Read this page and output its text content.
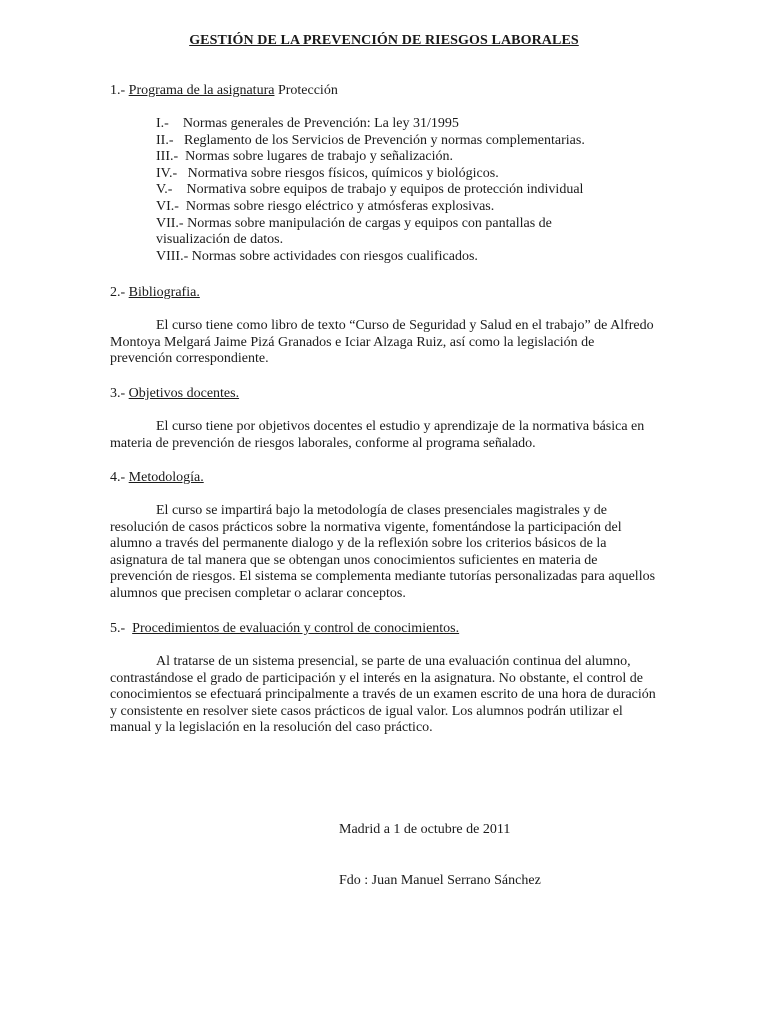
GESTIÓN DE LA PREVENCIÓN DE RIESGOS LABORALES
1.- Programa de la asignatura Protección
I.-    Normas generales de Prevención: La ley 31/1995
II.-   Reglamento de los Servicios de Prevención y normas complementarias.
III.-  Normas sobre lugares de trabajo y señalización.
IV.-   Normativa sobre riesgos físicos, químicos y biológicos.
V.-    Normativa sobre equipos de trabajo y equipos de protección individual
VI.-  Normas sobre riesgo eléctrico y atmósferas explosivas.
VII.- Normas sobre manipulación de cargas y equipos con pantallas de visualización de datos.
VIII.- Normas sobre actividades con riesgos cualificados.
2.- Bibliografia.

El curso tiene como libro de texto “Curso de Seguridad y Salud en el trabajo” de Alfredo Montoya Melgará Jaime Pizá Granados e Iciar Alzaga Ruiz, así como la legislación de prevención correspondiente.

3.- Objetivos docentes.

El curso tiene por objetivos docentes el estudio y aprendizaje de la normativa básica en materia de prevención de riesgos laborales, conforme al programa señalado.

4.- Metodología.

El curso se impartirá bajo la metodología de clases presenciales magistrales y de resolución de casos prácticos sobre la normativa vigente, fomentándose la participación del alumno a través del permanente dialogo y de la reflexión sobre los criterios básicos de la asignatura de tal manera que se obtengan unos conocimientos suficientes en materia de prevención de riesgos. El sistema se complementa mediante tutorías personalizadas para aquellos alumnos que precisen completar o aclarar conceptos.

5.-  Procedimientos de evaluación y control de conocimientos.

Al tratarse de un sistema presencial, se parte de una evaluación continua del alumno, contrastándose el grado de participación y el interés en la asignatura. No obstante, el control de conocimientos se efectuará principalmente a través de un examen escrito de una hora de duración y consistente en resolver siete casos prácticos de igual valor. Los alumnos podrán utilizar el manual y la legislación en la resolución del caso práctico.

Madrid a 1 de octubre de 2011
Fdo : Juan Manuel Serrano Sánchez
